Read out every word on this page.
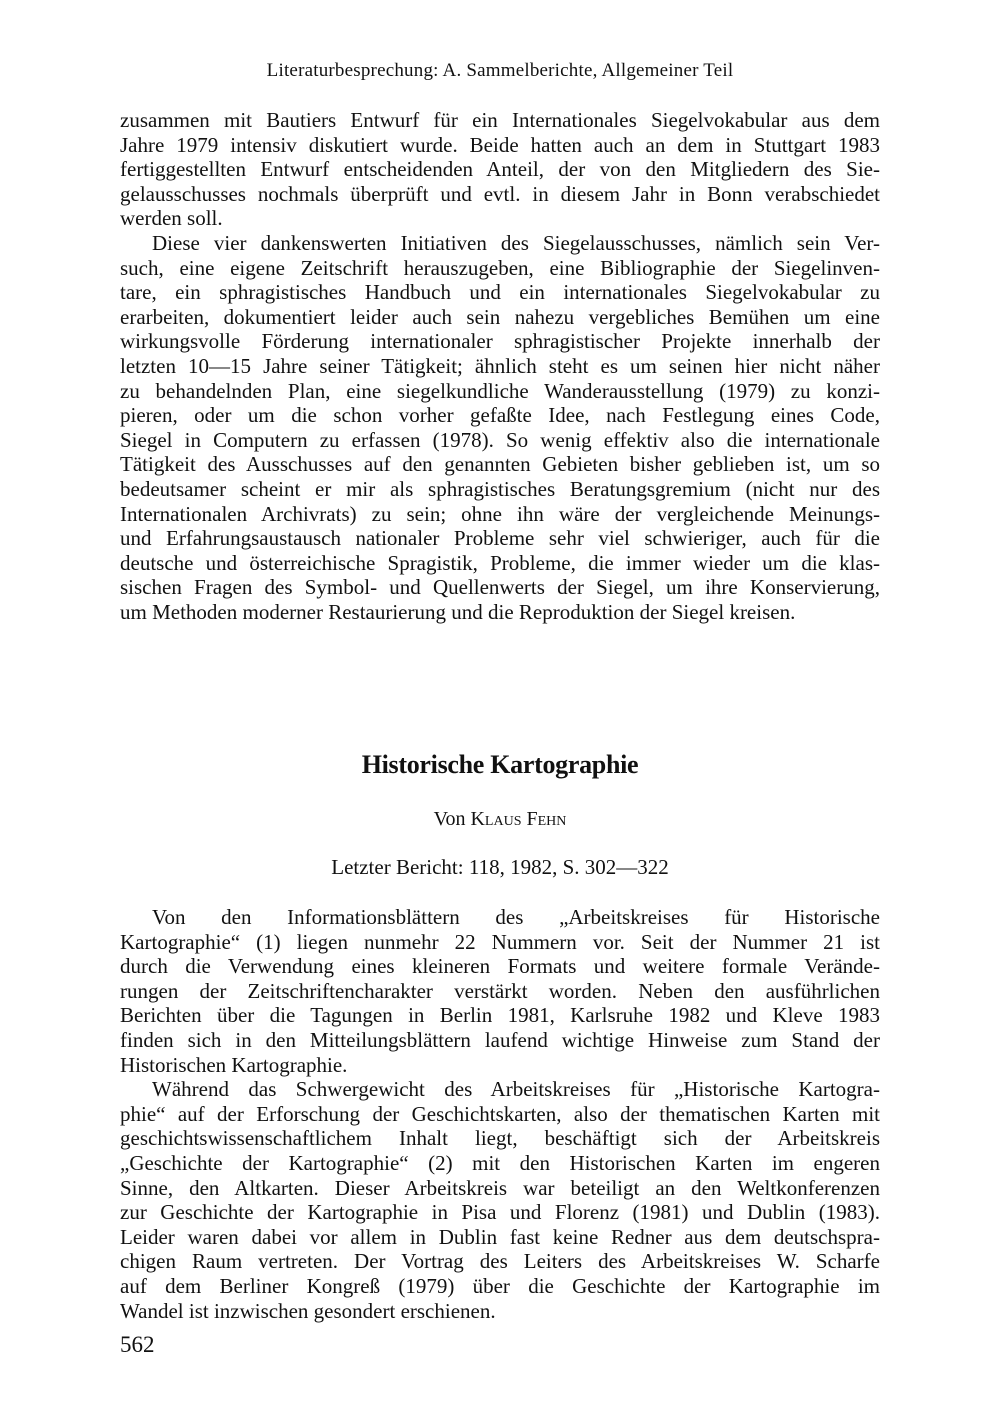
Literaturbesprechung: A. Sammelberichte, Allgemeiner Teil
zusammen mit Bautiers Entwurf für ein Internationales Siegelvokabular aus dem
Jahre 1979 intensiv diskutiert wurde. Beide hatten auch an dem in Stuttgart 1983
fertiggestellten Entwurf entscheidenden Anteil, der von den Mitgliedern des Sie-
gelausschusses nochmals überprüft und evtl. in diesem Jahr in Bonn verabschiedet
werden soll.
Diese vier dankenswerten Initiativen des Siegelausschusses, nämlich sein Ver-
such, eine eigene Zeitschrift herauszugeben, eine Bibliographie der Siegelinven-
tare, ein sphragistisches Handbuch und ein internationales Siegelvokabular zu
erarbeiten, dokumentiert leider auch sein nahezu vergebliches Bemühen um eine
wirkungsvolle Förderung internationaler sphragistischer Projekte innerhalb der
letzten 10—15 Jahre seiner Tätigkeit; ähnlich steht es um seinen hier nicht näher
zu behandelnden Plan, eine siegelkundliche Wanderausstellung (1979) zu konzi-
pieren, oder um die schon vorher gefaßte Idee, nach Festlegung eines Code,
Siegel in Computern zu erfassen (1978). So wenig effektiv also die internationale
Tätigkeit des Ausschusses auf den genannten Gebieten bisher geblieben ist, um so
bedeutsamer scheint er mir als sphragistisches Beratungsgremium (nicht nur des
Internationalen Archivrats) zu sein; ohne ihn wäre der vergleichende Meinungs-
und Erfahrungsaustausch nationaler Probleme sehr viel schwieriger, auch für die
deutsche und österreichische Spragistik, Probleme, die immer wieder um die klas-
sischen Fragen des Symbol- und Quellenwerts der Siegel, um ihre Konservierung,
um Methoden moderner Restaurierung und die Reproduktion der Siegel kreisen.
Historische Kartographie
Von Klaus Fehn
Letzter Bericht: 118, 1982, S. 302—322
Von den Informationsblättern des „Arbeitskreises für Historische
Kartographie“ (1) liegen nunmehr 22 Nummern vor. Seit der Nummer 21 ist
durch die Verwendung eines kleineren Formats und weitere formale Verände-
rungen der Zeitschriftencharakter verstärkt worden. Neben den ausführlichen
Berichten über die Tagungen in Berlin 1981, Karlsruhe 1982 und Kleve 1983
finden sich in den Mitteilungsblättern laufend wichtige Hinweise zum Stand der
Historischen Kartographie.
Während das Schwergewicht des Arbeitskreises für „Historische Kartogra-
phie“ auf der Erforschung der Geschichtskarten, also der thematischen Karten mit
geschichtswissenschaftlichem Inhalt liegt, beschäftigt sich der Arbeitskreis
„Geschichte der Kartographie“ (2) mit den Historischen Karten im engeren
Sinne, den Altkarten. Dieser Arbeitskreis war beteiligt an den Weltkonferenzen
zur Geschichte der Kartographie in Pisa und Florenz (1981) und Dublin (1983).
Leider waren dabei vor allem in Dublin fast keine Redner aus dem deutschspra-
chigen Raum vertreten. Der Vortrag des Leiters des Arbeitskreises W. Scharfe
auf dem Berliner Kongreß (1979) über die Geschichte der Kartographie im
Wandel ist inzwischen gesondert erschienen.
562
